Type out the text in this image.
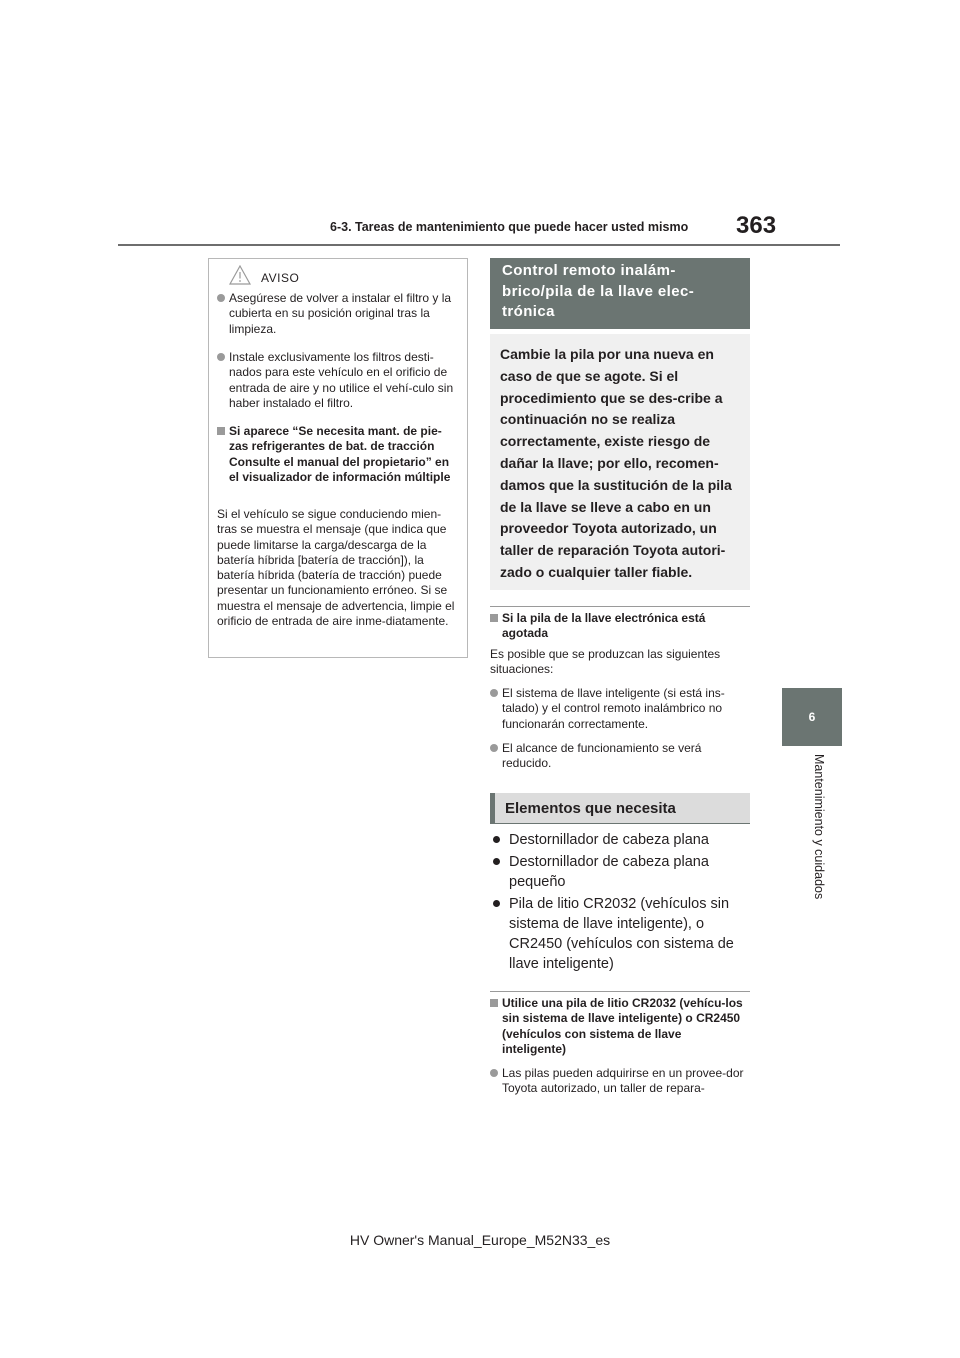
6-3. Tareas de mantenimiento que puede hacer usted mismo 363
6
Mantenimiento y cuidados
AVISO
Asegúrese de volver a instalar el filtro y la cubierta en su posición original tras la limpieza.
Instale exclusivamente los filtros desti-nados para este vehículo en el orificio de entrada de aire y no utilice el vehí-culo sin haber instalado el filtro.
Si aparece “Se necesita mant. de pie-zas refrigerantes de bat. de tracción Consulte el manual del propietario” en el visualizador de información múltiple
Si el vehículo se sigue conduciendo mien-tras se muestra el mensaje (que indica que puede limitarse la carga/descarga de la batería híbrida [batería de tracción]), la batería híbrida (batería de tracción) puede presentar un funcionamiento erróneo. Si se muestra el mensaje de advertencia, limpie el orificio de entrada de aire inme-diatamente.
Control remoto inalám-brico/pila de la llave elec-trónica
Cambie la pila por una nueva en caso de que se agote. Si el procedimiento que se des-cribe a continuación no se realiza correctamente, existe riesgo de dañar la llave; por ello, recomen-damos que la sustitución de la pila de la llave se lleve a cabo en un proveedor Toyota autorizado, un taller de reparación Toyota autori-zado o cualquier taller fiable.
Si la pila de la llave electrónica está agotada
Es posible que se produzcan las siguientes situaciones:
El sistema de llave inteligente (si está ins-talado) y el control remoto inalámbrico no funcionarán correctamente.
El alcance de funcionamiento se verá reducido.
Elementos que necesita
Destornillador de cabeza plana
Destornillador de cabeza plana pequeño
Pila de litio CR2032 (vehículos sin sistema de llave inteligente), o CR2450 (vehículos con sistema de llave inteligente)
Utilice una pila de litio CR2032 (vehícu-los sin sistema de llave inteligente) o CR2450 (vehículos con sistema de llave inteligente)
Las pilas pueden adquirirse en un provee-dor Toyota autorizado, un taller de repara-
HV Owner's Manual_Europe_M52N33_es
